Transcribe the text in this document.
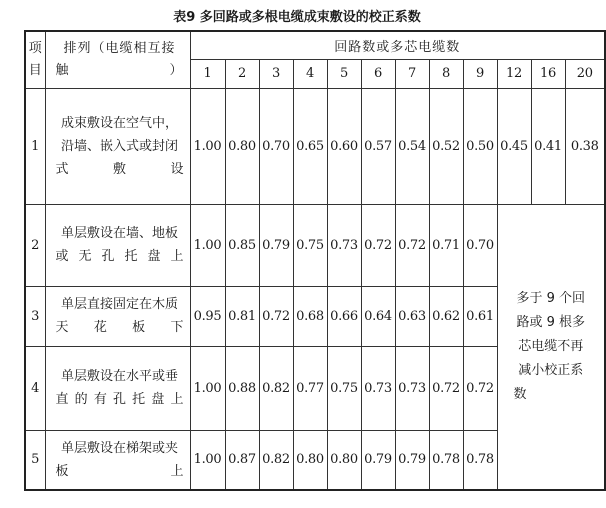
表9 多回路或多根电缆成束敷设的校正系数
项目	排列（电缆相互接触）	回路数或多芯电缆数											
		1	2	3	4	5	6	7	8	9	12	16	20
1	成束敷设在空气中，沿墙、嵌入式或封闭式敷设	1.00	0.80	0.70	0.65	0.60	0.57	0.54	0.52	0.50	0.45	0.41	0.38
2	单层敷设在墙、地板或无孔托盘上	1.00	0.85	0.79	0.75	0.73	0.72	0.72	0.71	0.70	多于 9 个回路或 9 根多芯电缆不再减小校正系数		
3	单层直接固定在木质天花板下	0.95	0.81	0.72	0.68	0.66	0.64	0.63	0.62	0.61			
4	单层敷设在水平或垂直的有孔托盘上	1.00	0.88	0.82	0.77	0.75	0.73	0.73	0.72	0.72			
5	单层敷设在梯架或夹板上	1.00	0.87	0.82	0.80	0.80	0.79	0.79	0.78	0.78			
